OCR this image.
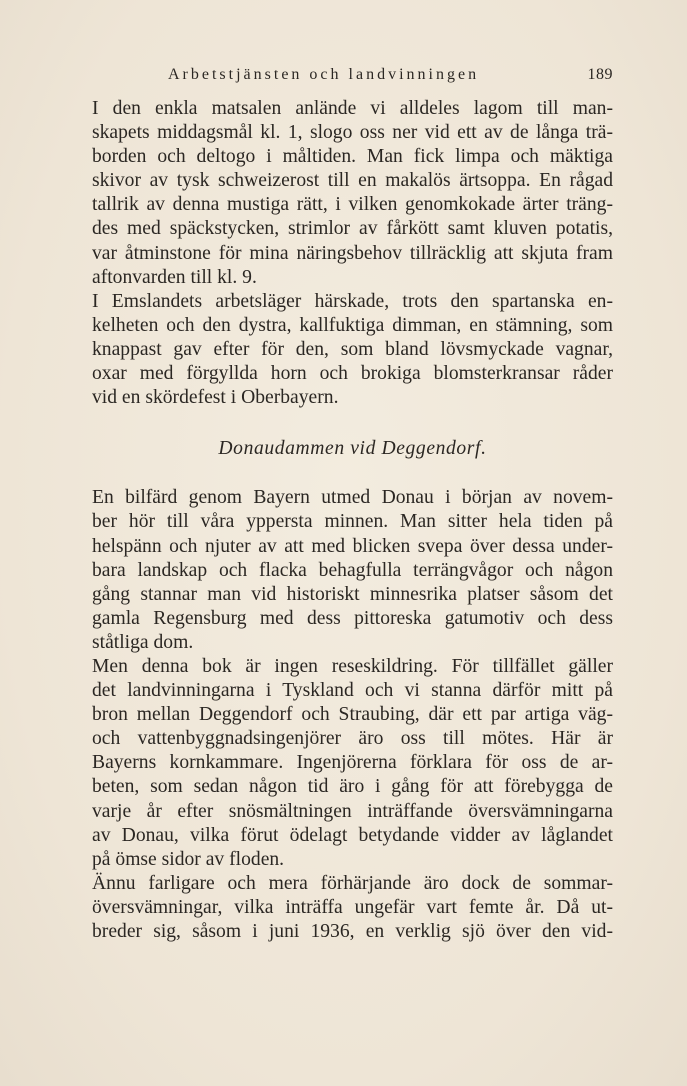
Arbetstjänsten och landvinningen	189

I den enkla matsalen anlände vi alldeles lagom till man-
skapets middagsmål kl. 1, slogo oss ner vid ett av de långa trä-
borden och deltogo i måltiden. Man fick limpa och mäktiga
skivor av tysk schweizerost till en makalös ärtsoppa. En rågad
tallrik av denna mustiga rätt, i vilken genomkokade ärter träng-
des med späckstycken, strimlor av fårkött samt kluven potatis,
var åtminstone för mina näringsbehov tillräcklig att skjuta fram
aftonvarden till kl. 9.

I Emslandets arbetsläger härskade, trots den spartanska en-
kelheten och den dystra, kallfuktiga dimman, en stämning, som
knappast gav efter för den, som bland lövsmyckade vagnar,
oxar med förgyllda horn och brokiga blomsterkransar råder
vid en skördefest i Oberbayern.

Donaudammen vid Deggendorf.

En bilfärd genom Bayern utmed Donau i början av novem-
ber hör till våra yppersta minnen. Man sitter hela tiden på
helspänn och njuter av att med blicken svepa över dessa under-
bara landskap och flacka behagfulla terrängvågor och någon
gång stannar man vid historiskt minnesrika platser såsom det
gamla Regensburg med dess pittoreska gatumotiv och dess
ståtliga dom.

Men denna bok är ingen reseskildring. För tillfället gäller
det landvinningarna i Tyskland och vi stanna därför mitt på
bron mellan Deggendorf och Straubing, där ett par artiga väg-
och vattenbyggnadsingenjörer äro oss till mötes. Här är
Bayerns kornkammare. Ingenjörerna förklara för oss de ar-
beten, som sedan någon tid äro i gång för att förebygga de
varje år efter snösmältningen inträffande översvämningarna
av Donau, vilka förut ödelagt betydande vidder av låglandet
på ömse sidor av floden.

Ännu farligare och mera förhärjande äro dock de sommar-
översvämningar, vilka inträffa ungefär vart femte år. Då ut-
breder sig, såsom i juni 1936, en verklig sjö över den vid-
